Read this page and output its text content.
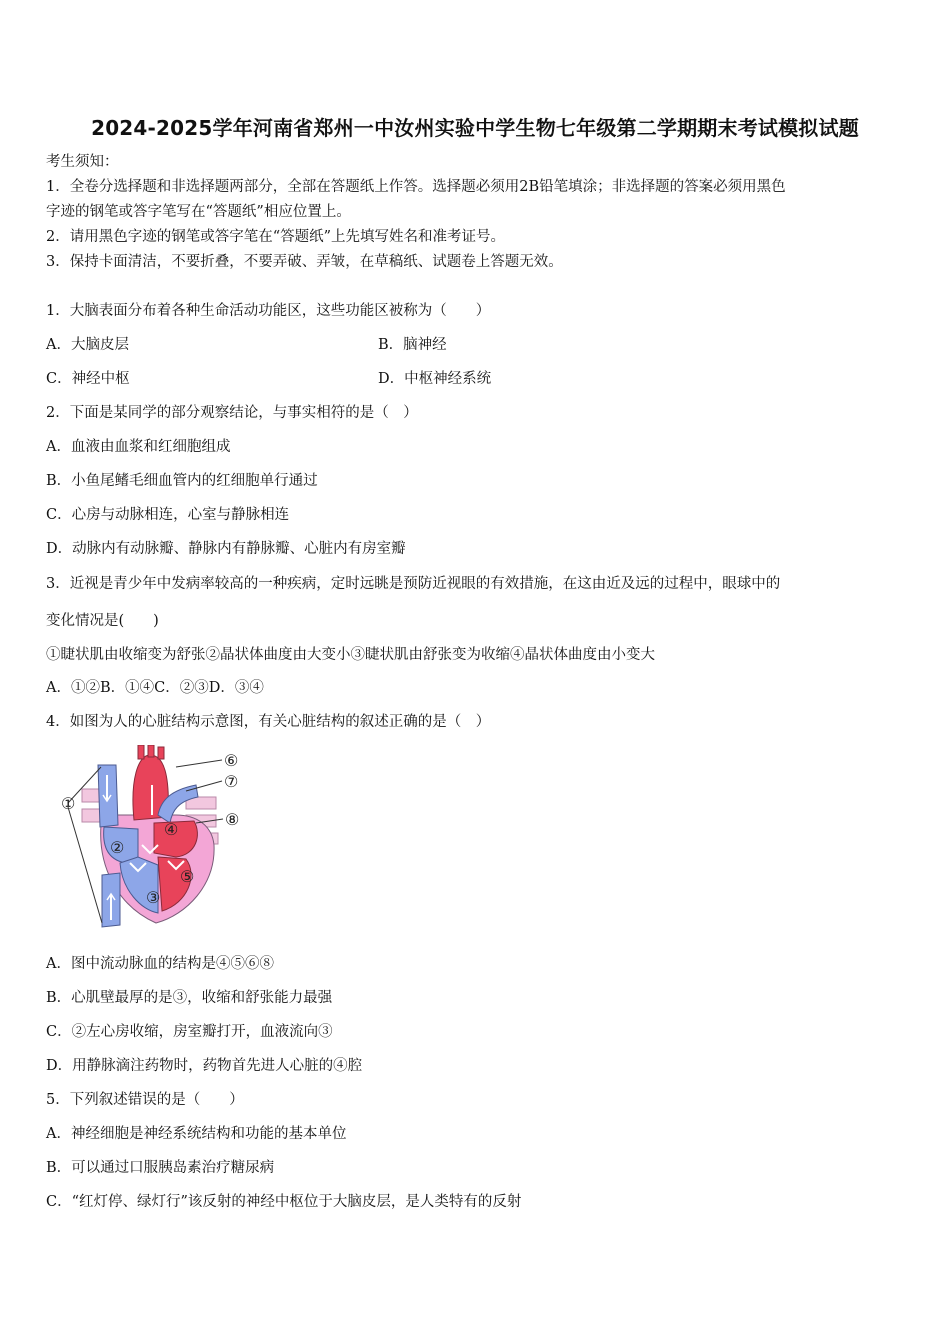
2024-2025学年河南省郑州一中汝州实验中学生物七年级第二学期期末考试模拟试题
考生须知：
1．全卷分选择题和非选择题两部分，全部在答题纸上作答。选择题必须用2B铅笔填涂；非选择题的答案必须用黑色
字迹的钢笔或答字笔写在“答题纸”相应位置上。
2．请用黑色字迹的钢笔或答字笔在“答题纸”上先填写姓名和准考证号。
3．保持卡面清洁，不要折叠，不要弄破、弄皱，在草稿纸、试题卷上答题无效。
1．大脑表面分布着各种生命活动功能区，这些功能区被称为（　　）
A．大脑皮层	B．脑神经
C．神经中枢	D．中枢神经系统
2．下面是某同学的部分观察结论，与事实相符的是（　）
A．血液由血浆和红细胞组成
B．小鱼尾鳍毛细血管内的红细胞单行通过
C．心房与动脉相连，心室与静脉相连
D．动脉内有动脉瓣、静脉内有静脉瓣、心脏内有房室瓣
3．近视是青少年中发病率较高的一种疾病，定时远眺是预防近视眼的有效措施，在这由近及远的过程中，眼球中的
变化情况是(　　)
①睫状肌由收缩变为舒张②晶状体曲度由大变小③睫状肌由舒张变为收缩④晶状体曲度由小变大
A．①②B．①④C．②③D．③④
4．如图为人的心脏结构示意图，有关心脏结构的叙述正确的是（　）
①
②
③
④
⑤
⑥
⑦
⑧
A．图中流动脉血的结构是④⑤⑥⑧
B．心肌壁最厚的是③，收缩和舒张能力最强
C．②左心房收缩，房室瓣打开，血液流向③
D．用静脉滴注药物时，药物首先进人心脏的④腔
5．下列叙述错误的是（　　）
A．神经细胞是神经系统结构和功能的基本单位
B．可以通过口服胰岛素治疗糖尿病
C．“红灯停、绿灯行”该反射的神经中枢位于大脑皮层，是人类特有的反射
